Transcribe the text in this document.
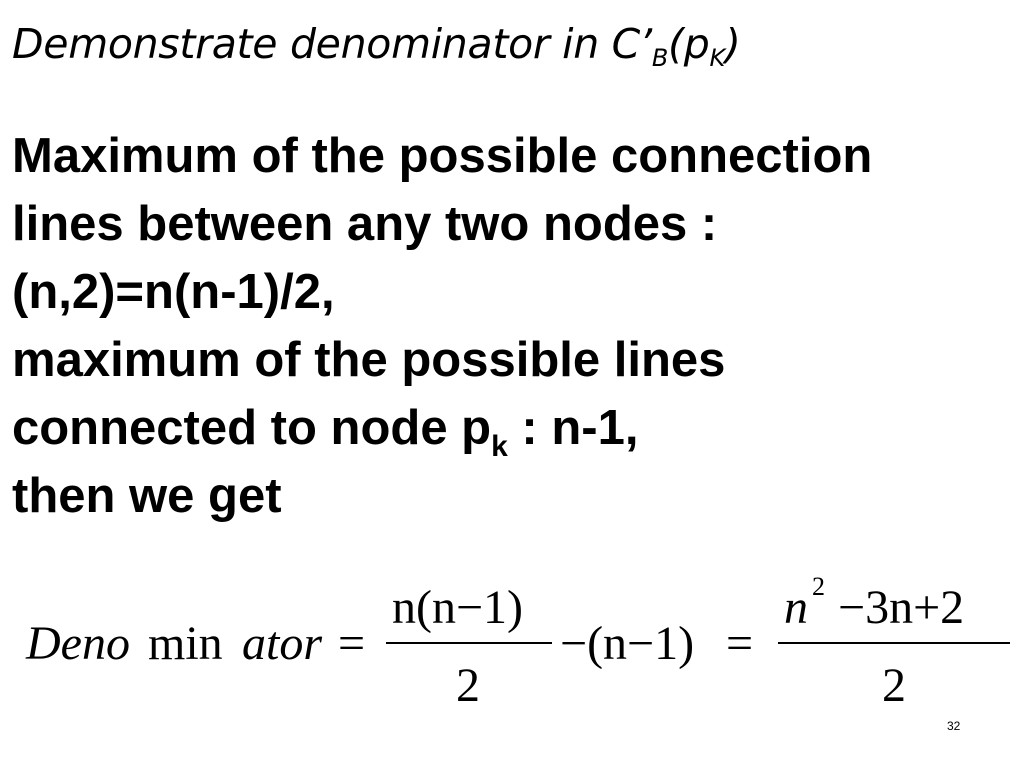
Demonstrate denominator in $C’_B(p_K)$
Maximum of the possible connection
lines between any two nodes :
(n,2)=n(n-1)/2,
maximum of the possible lines
connected to node $p_k$ : n-1,
then we get
Deno min ator =
n(n−1)
2
−(n−1) =
n 2 −3n+2
2
32
